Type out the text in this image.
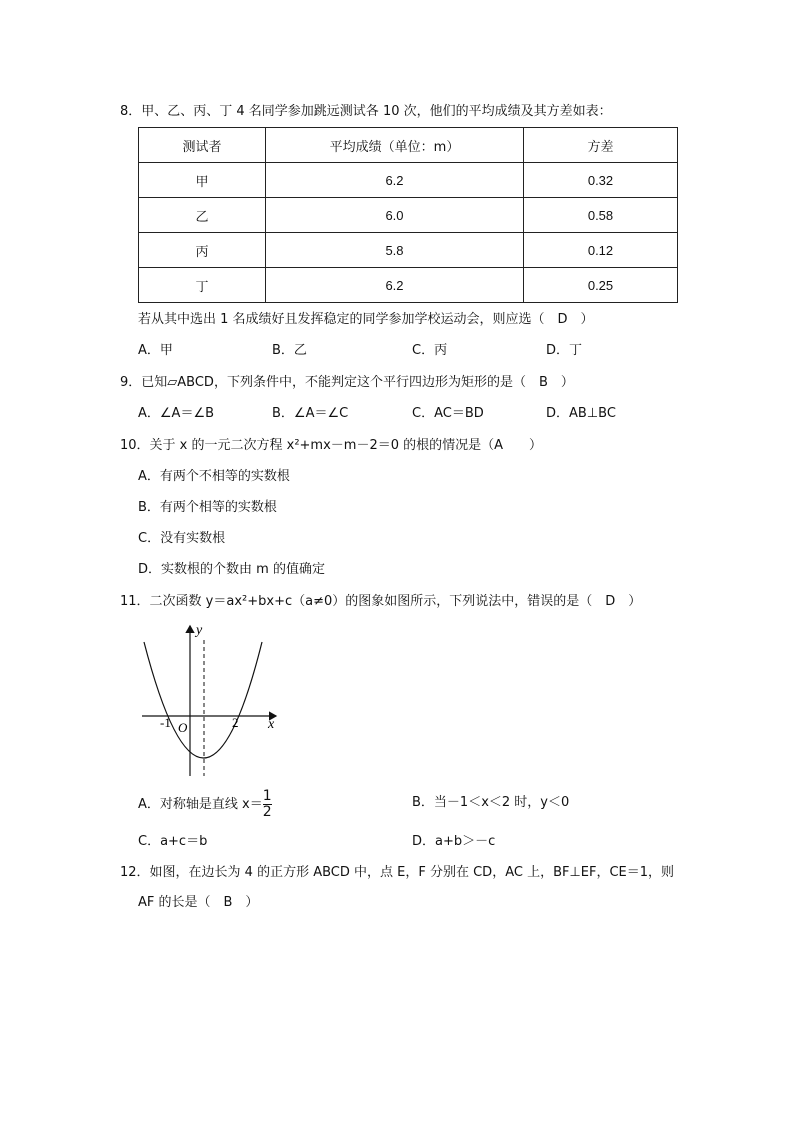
8．甲、乙、丙、丁 4 名同学参加跳远测试各 10 次，他们的平均成绩及其方差如表：
测试者	平均成绩（单位：m）	方差
甲	6.2	0.32
乙	6.0	0.58
丙	5.8	0.12
丁	6.2	0.25
若从其中选出 1 名成绩好且发挥稳定的同学参加学校运动会，则应选（　D　）
A．甲	B．乙	C．丙	D．丁
9．已知▱ABCD，下列条件中，不能判定这个平行四边形为矩形的是（　B　）
A．∠A＝∠B	B．∠A＝∠C	C．AC＝BD	D．AB⊥BC
10．关于 x 的一元二次方程 x²+mx－m－2＝0 的根的情况是（A　　）
A．有两个不相等的实数根
B．有两个相等的实数根
C．没有实数根
D．实数根的个数由 m 的值确定
11．二次函数 y＝ax²+bx+c（a≠0）的图象如图所示，下列说法中，错误的是（　D　）
y
x
O
-1	2
A．对称轴是直线 $x= \frac{1}{2}$	B．当－1＜x＜2 时，y＜0
C．a+c＝b	D．a+b＞－c
12．如图，在边长为 4 的正方形 ABCD 中，点 E，F 分别在 CD，AC 上，BF⊥EF，CE＝1，则
AF 的长是（　B　）
